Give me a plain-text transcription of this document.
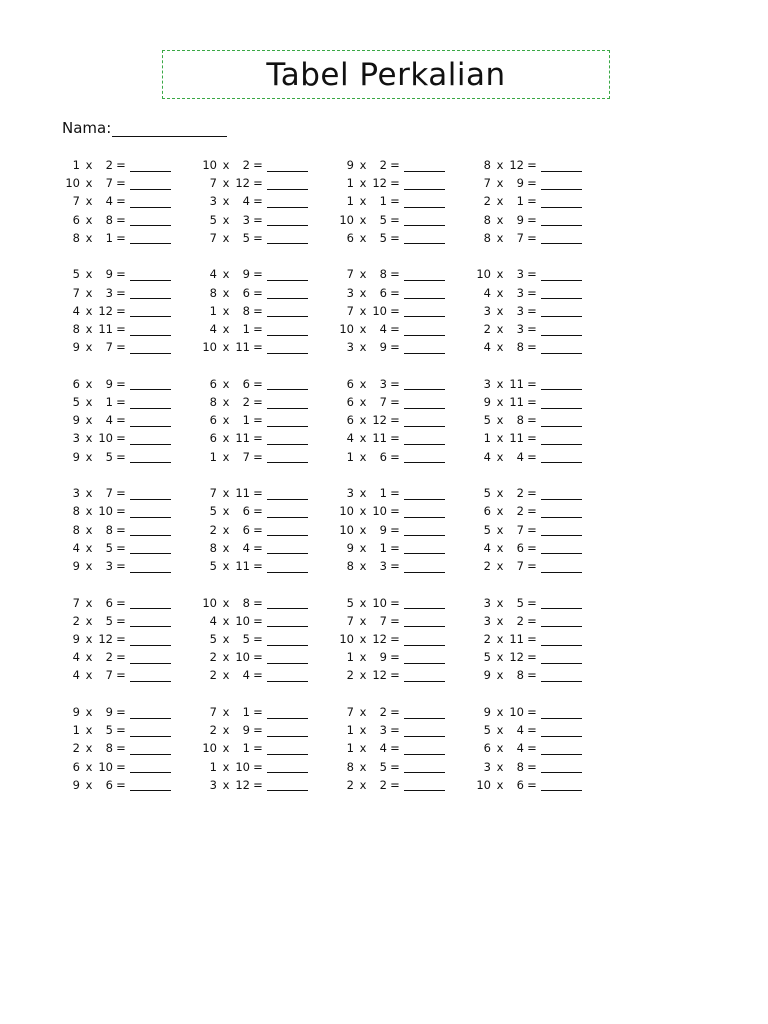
Tabel Perkalian
Nama:
1 x	2 =
10 x	7 =
7 x	4 =
6 x	8 =
8 x	1 =
5 x	9 =
7 x	3 =
4 x 12 =
8 x 11 =
9 x	7 =
6 x	9 =
5 x	1 =
9 x	4 =
3 x 10 =
9 x	5 =
3 x	7 =
8 x 10 =
8 x	8 =
4 x	5 =
9 x	3 =
7 x	6 =
2 x	5 =
9 x 12 =
4 x	2 =
4 x	7 =
9 x	9 =
1 x	5 =
2 x	8 =
6 x 10 =
9 x	6 =
10 x	2 =
7 x 12 =
3 x	4 =
5 x	3 =
7 x	5 =
4 x	9 =
8 x	6 =
1 x	8 =
4 x	1 =
10 x 11 =
6 x	6 =
8 x	2 =
6 x	1 =
6 x 11 =
1 x	7 =
7 x 11 =
5 x	6 =
2 x	6 =
8 x	4 =
5 x 11 =
10 x	8 =
4 x 10 =
5 x	5 =
2 x 10 =
2 x	4 =
7 x	1 =
2 x	9 =
10 x	1 =
1 x 10 =
3 x 12 =
9 x	2 =
1 x 12 =
1 x	1 =
10 x	5 =
6 x	5 =
7 x	8 =
3 x	6 =
7 x 10 =
10 x	4 =
3 x	9 =
6 x	3 =
6 x	7 =
6 x 12 =
4 x 11 =
1 x	6 =
3 x	1 =
10 x 10 =
10 x	9 =
9 x	1 =
8 x	3 =
5 x 10 =
7 x	7 =
10 x 12 =
1 x	9 =
2 x 12 =
7 x	2 =
1 x	3 =
1 x	4 =
8 x	5 =
2 x	2 =
8 x 12 =
7 x	9 =
2 x	1 =
8 x	9 =
8 x	7 =
10 x	3 =
4 x	3 =
3 x	3 =
2 x	3 =
4 x	8 =
3 x 11 =
9 x 11 =
5 x	8 =
1 x 11 =
4 x	4 =
5 x	2 =
6 x	2 =
5 x	7 =
4 x	6 =
2 x	7 =
3 x	5 =
3 x	2 =
2 x 11 =
5 x 12 =
9 x	8 =
9 x 10 =
5 x	4 =
6 x	4 =
3 x	8 =
10 x	6 =
